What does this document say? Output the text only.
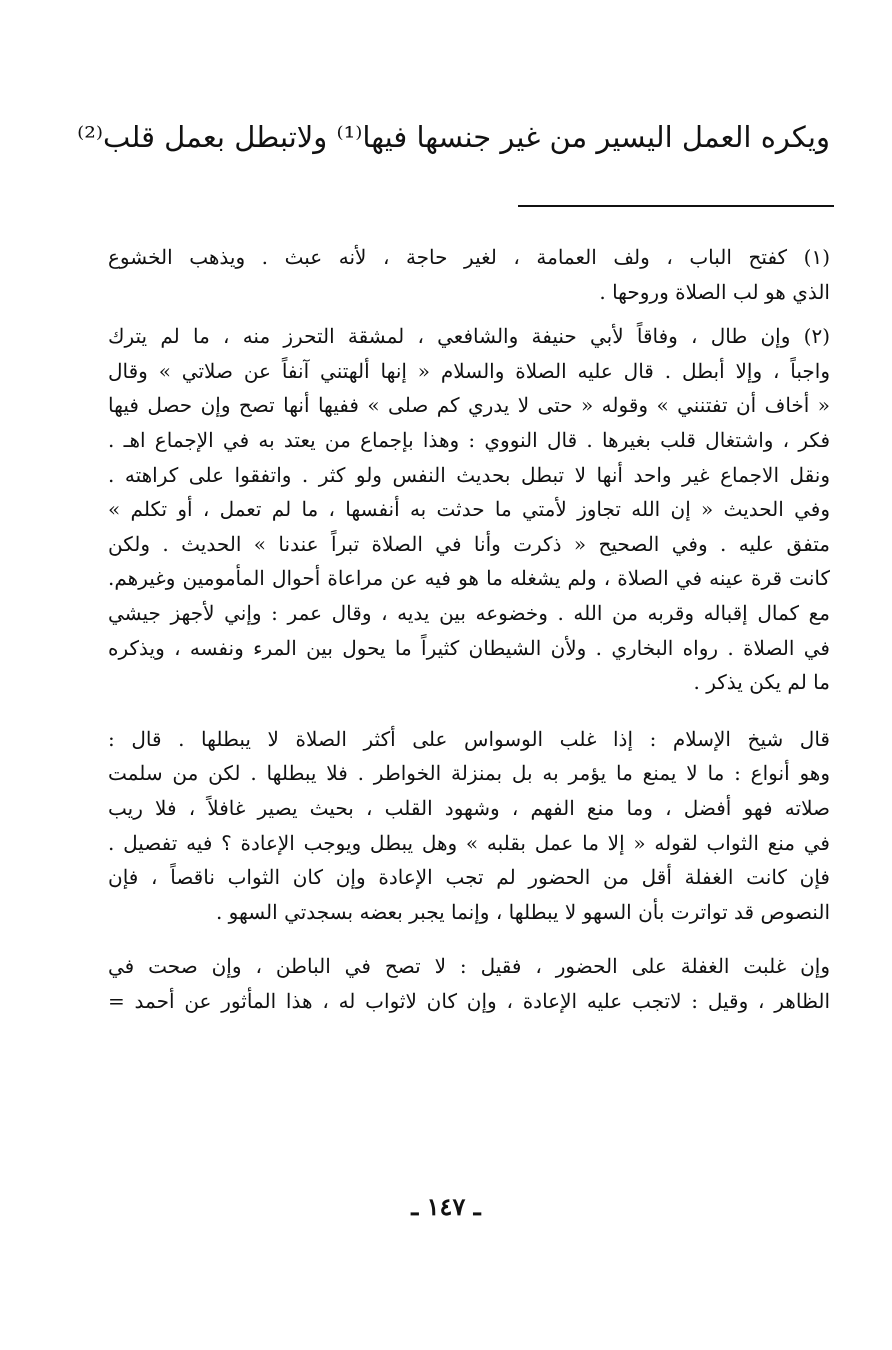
ويكره العمل اليسير من غير جنسها فيها⁽¹⁾ ولاتبطل بعمل قلب⁽²⁾
(١) كفتح الباب ، ولف العمامة ، لغير حاجة ، لأنه عبث . ويذهب الخشوع
الذي هو لب الصلاة وروحها .
(٢) وإن طال ، وفاقاً لأبي حنيفة والشافعي ، لمشقة التحرز منه ، ما لم يترك
واجباً ، وإلا أبطل . قال عليه الصلاة والسلام « إنها ألهتني آنفاً عن صلاتي » وقال
« أخاف أن تفتنني » وقوله « حتى لا يدري كم صلى » ففيها أنها تصح وإن حصل فيها
فكر ، واشتغال قلب بغيرها . قال النووي : وهذا بإجماع من يعتد به في الإجماع اهـ .
ونقل الاجماع غير واحد أنها لا تبطل بحديث النفس ولو كثر . واتفقوا على كراهته .
وفي الحديث « إن الله تجاوز لأمتي ما حدثت به أنفسها ، ما لم تعمل ، أو تكلم »
متفق عليه . وفي الصحيح « ذكرت وأنا في الصلاة تبراً عندنا » الحديث . ولكن
كانت قرة عينه في الصلاة ، ولم يشغله ما هو فيه عن مراعاة أحوال المأمومين وغيرهم.
مع كمال إقباله وقربه من الله . وخضوعه بين يديه ، وقال عمر : وإني لأجهز جيشي
في الصلاة . رواه البخاري . ولأن الشيطان كثيراً ما يحول بين المرء ونفسه ، ويذكره
ما لم يكن يذكر .
قال شيخ الإسلام : إذا غلب الوسواس على أكثر الصلاة لا يبطلها . قال :
وهو أنواع : ما لا يمنع ما يؤمر به بل بمنزلة الخواطر . فلا يبطلها . لكن من سلمت
صلاته فهو أفضل ، وما منع الفهم ، وشهود القلب ، بحيث يصير غافلاً ، فلا ريب
في منع الثواب لقوله « إلا ما عمل بقلبه » وهل يبطل ويوجب الإعادة ؟ فيه تفصيل .
فإن كانت الغفلة أقل من الحضور لم تجب الإعادة وإن كان الثواب ناقصاً ، فإن
النصوص قد تواترت بأن السهو لا يبطلها ، وإنما يجبر بعضه بسجدتي السهو .
وإن غلبت الغفلة على الحضور ، فقيل : لا تصح في الباطن ، وإن صحت في
الظاهر ، وقيل : لاتجب عليه الإعادة ، وإن كان لاثواب له ، هذا المأثور عن أحمد =
ـ ١٤٧ ـ
